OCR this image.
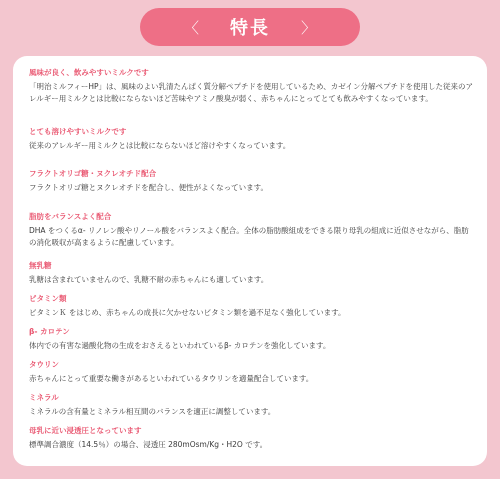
〈 特長 〉
風味が良く、飲みやすいミルクです
「明治ミルフィーHP」は、風味のよい乳清たんぱく質分解ペプチドを使用しているため、カゼイン分解ペプチドを使用した従来のアレルギー用ミルクとは比較にならないほど苦味やアミノ酸臭が弱く、赤ちゃんにとってとても飲みやすくなっています。
とても溶けやすいミルクです
従来のアレルギー用ミルクとは比較にならないほど溶けやすくなっています。
フラクトオリゴ糖・ヌクレオチド配合
フラクトオリゴ糖とヌクレオチドを配合し、便性がよくなっています。
脂肪をバランスよく配合
DHA をつくるα- リノレン酸やリノール酸をバランスよく配合。全体の脂肪酸組成をできる限り母乳の組成に近似させながら、脂肪の消化吸収が高まるように配慮しています。
無乳糖
乳糖は含まれていませんので、乳糖不耐の赤ちゃんにも適しています。
ビタミン類
ビタミンＫ をはじめ、赤ちゃんの成長に欠かせないビタミン類を過不足なく強化しています。
β- カロテン
体内での有害な過酸化物の生成をおさえるといわれているβ- カロテンを強化しています。
タウリン
赤ちゃんにとって重要な働きがあるといわれているタウリンを適量配合しています。
ミネラル
ミネラルの含有量とミネラル相互間のバランスを適正に調整しています。
母乳に近い浸透圧となっています
標準調合濃度（14.5％）の場合、浸透圧 280mOsm/Kg・H2O です。
